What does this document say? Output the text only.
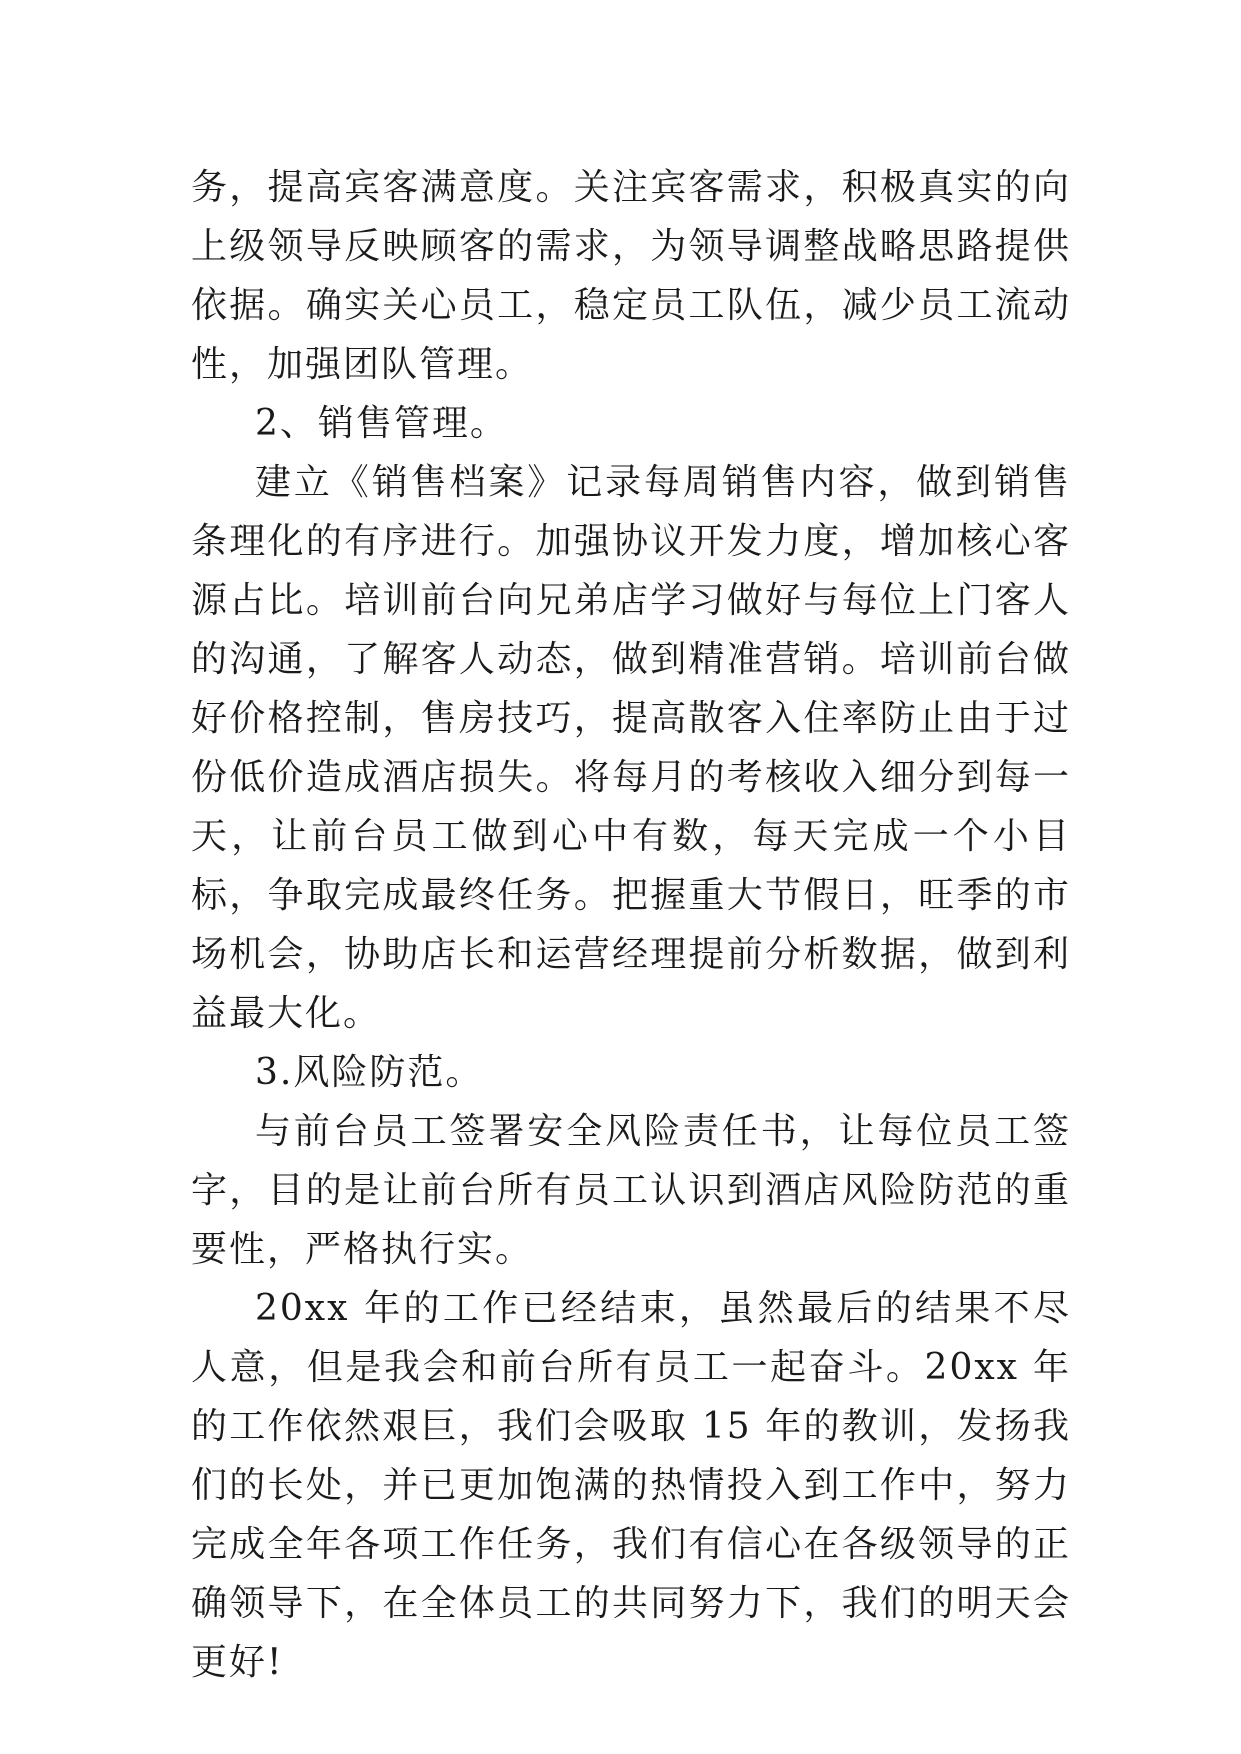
务，提高宾客满意度。关注宾客需求，积极真实的向上级领导反映顾客的需求，为领导调整战略思路提供依据。确实关心员工，稳定员工队伍，减少员工流动性，加强团队管理。

2、销售管理。

建立《销售档案》记录每周销售内容，做到销售条理化的有序进行。加强协议开发力度，增加核心客源占比。培训前台向兄弟店学习做好与每位上门客人的沟通，了解客人动态，做到精准营销。培训前台做好价格控制，售房技巧，提高散客入住率防止由于过份低价造成酒店损失。将每月的考核收入细分到每一天，让前台员工做到心中有数，每天完成一个小目标，争取完成最终任务。把握重大节假日，旺季的市场机会，协助店长和运营经理提前分析数据，做到利益最大化。

3.风险防范。

与前台员工签署安全风险责任书，让每位员工签字，目的是让前台所有员工认识到酒店风险防范的重要性，严格执行实。

20xx 年的工作已经结束，虽然最后的结果不尽人意，但是我会和前台所有员工一起奋斗。20xx 年的工作依然艰巨，我们会吸取 15 年的教训，发扬我们的长处，并已更加饱满的热情投入到工作中，努力完成全年各项工作任务，我们有信心在各级领导的正确领导下，在全体员工的共同努力下，我们的明天会更好!
